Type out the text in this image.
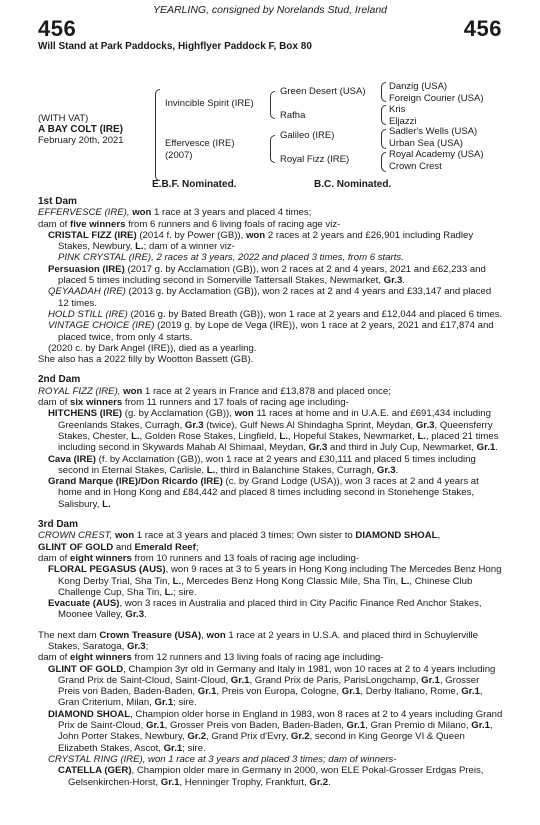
YEARLING, consigned by Norelands Stud, Ireland
456	456
Will Stand at Park Paddocks, Highflyer Paddock F, Box 80
(WITH VAT)
A BAY COLT (IRE)
February 20th, 2021
Invincible Spirit (IRE)
Effervesce (IRE)
(2007)
Green Desert (USA)
Rafha
Galileo (IRE)
Royal Fizz (IRE)
Danzig (USA)
Foreign Courier (USA)
Kris
Eljazzi
Sadler's Wells (USA)
Urban Sea (USA)
Royal Academy (USA)
Crown Crest
E.B.F. Nominated.	B.C. Nominated.
1st Dam
EFFERVESCE (IRE), won 1 race at 3 years and placed 4 times;
dam of five winners from 6 runners and 6 living foals of racing age viz-
CRISTAL FIZZ (IRE) (2014 f. by Power (GB)), won 2 races at 2 years and £26,901 including Radley Stakes, Newbury, L.; dam of a winner viz-
PINK CRYSTAL (IRE), 2 races at 3 years, 2022 and placed 3 times, from 6 starts.
Persuasion (IRE) (2017 g. by Acclamation (GB)), won 2 races at 2 and 4 years, 2021 and £62,233 and placed 5 times including second in Somerville Tattersall Stakes, Newmarket, Gr.3.
QEYAADAH (IRE) (2013 g. by Acclamation (GB)), won 2 races at 2 and 4 years and £33,147 and placed 12 times.
HOLD STILL (IRE) (2016 g. by Bated Breath (GB)), won 1 race at 2 years and £12,044 and placed 6 times.
VINTAGE CHOICE (IRE) (2019 g. by Lope de Vega (IRE)), won 1 race at 2 years, 2021 and £17,874 and placed twice, from only 4 starts.
(2020 c. by Dark Angel (IRE)), died as a yearling.
She also has a 2022 filly by Wootton Bassett (GB).
2nd Dam
ROYAL FIZZ (IRE), won 1 race at 2 years in France and £13,878 and placed once;
dam of six winners from 11 runners and 17 foals of racing age including-
HITCHENS (IRE) (g. by Acclamation (GB)), won 11 races at home and in U.A.E. and £691,434 including Greenlands Stakes, Curragh, Gr.3 (twice), Gulf News Al Shindagha Sprint, Meydan, Gr.3, Queensferry Stakes, Chester, L., Golden Rose Stakes, Lingfield, L., Hopeful Stakes, Newmarket, L., placed 21 times including second in Skywards Mahab Al Shimaal, Meydan, Gr.3 and third in July Cup, Newmarket, Gr.1.
Cava (IRE) (f. by Acclamation (GB)), won 1 race at 2 years and £30,111 and placed 5 times including second in Eternal Stakes, Carlisle, L., third in Balanchine Stakes, Curragh, Gr.3.
Grand Marque (IRE)/Don Ricardo (IRE) (c. by Grand Lodge (USA)), won 3 races at 2 and 4 years at home and in Hong Kong and £84,442 and placed 8 times including second in Stonehenge Stakes, Salisbury, L.
3rd Dam
CROWN CREST, won 1 race at 3 years and placed 3 times; Own sister to DIAMOND SHOAL,
GLINT OF GOLD and Emerald Reef;
dam of eight winners from 10 runners and 13 foals of racing age including-
FLORAL PEGASUS (AUS), won 9 races at 3 to 5 years in Hong Kong including The Mercedes Benz Hong Kong Derby Trial, Sha Tin, L., Mercedes Benz Hong Kong Classic Mile, Sha Tin, L., Chinese Club Challenge Cup, Sha Tin, L.; sire.
Evacuate (AUS), won 3 races in Australia and placed third in City Pacific Finance Red Anchor Stakes, Moonee Valley, Gr.3.
The next dam Crown Treasure (USA), won 1 race at 2 years in U.S.A. and placed third in Schuylerville Stakes, Saratoga, Gr.3;
dam of eight winners from 12 runners and 13 living foals of racing age including-
GLINT OF GOLD, Champion 3yr old in Germany and Italy in 1981, won 10 races at 2 to 4 years including Grand Prix de Saint-Cloud, Saint-Cloud, Gr.1, Grand Prix de Paris, ParisLongchamp, Gr.1, Grosser Preis von Baden, Baden-Baden, Gr.1, Preis von Europa, Cologne, Gr.1, Derby Italiano, Rome, Gr.1, Gran Criterium, Milan, Gr.1; sire.
DIAMOND SHOAL, Champion older horse in England in 1983, won 8 races at 2 to 4 years including Grand Prix de Saint-Cloud, Gr.1, Grosser Preis von Baden, Baden-Baden, Gr.1, Gran Premio di Milano, Gr.1, John Porter Stakes, Newbury, Gr.2, Grand Prix d'Evry, Gr.2, second in King George VI & Queen Elizabeth Stakes, Ascot, Gr.1; sire.
CRYSTAL RING (IRE), won 1 race at 3 years and placed 3 times; dam of winners-
CATELLA (GER), Champion older mare in Germany in 2000, won ELE Pokal-Grosser Erdgas Preis, Gelsenkirchen-Horst, Gr.1, Henninger Trophy, Frankfurt, Gr.2.
